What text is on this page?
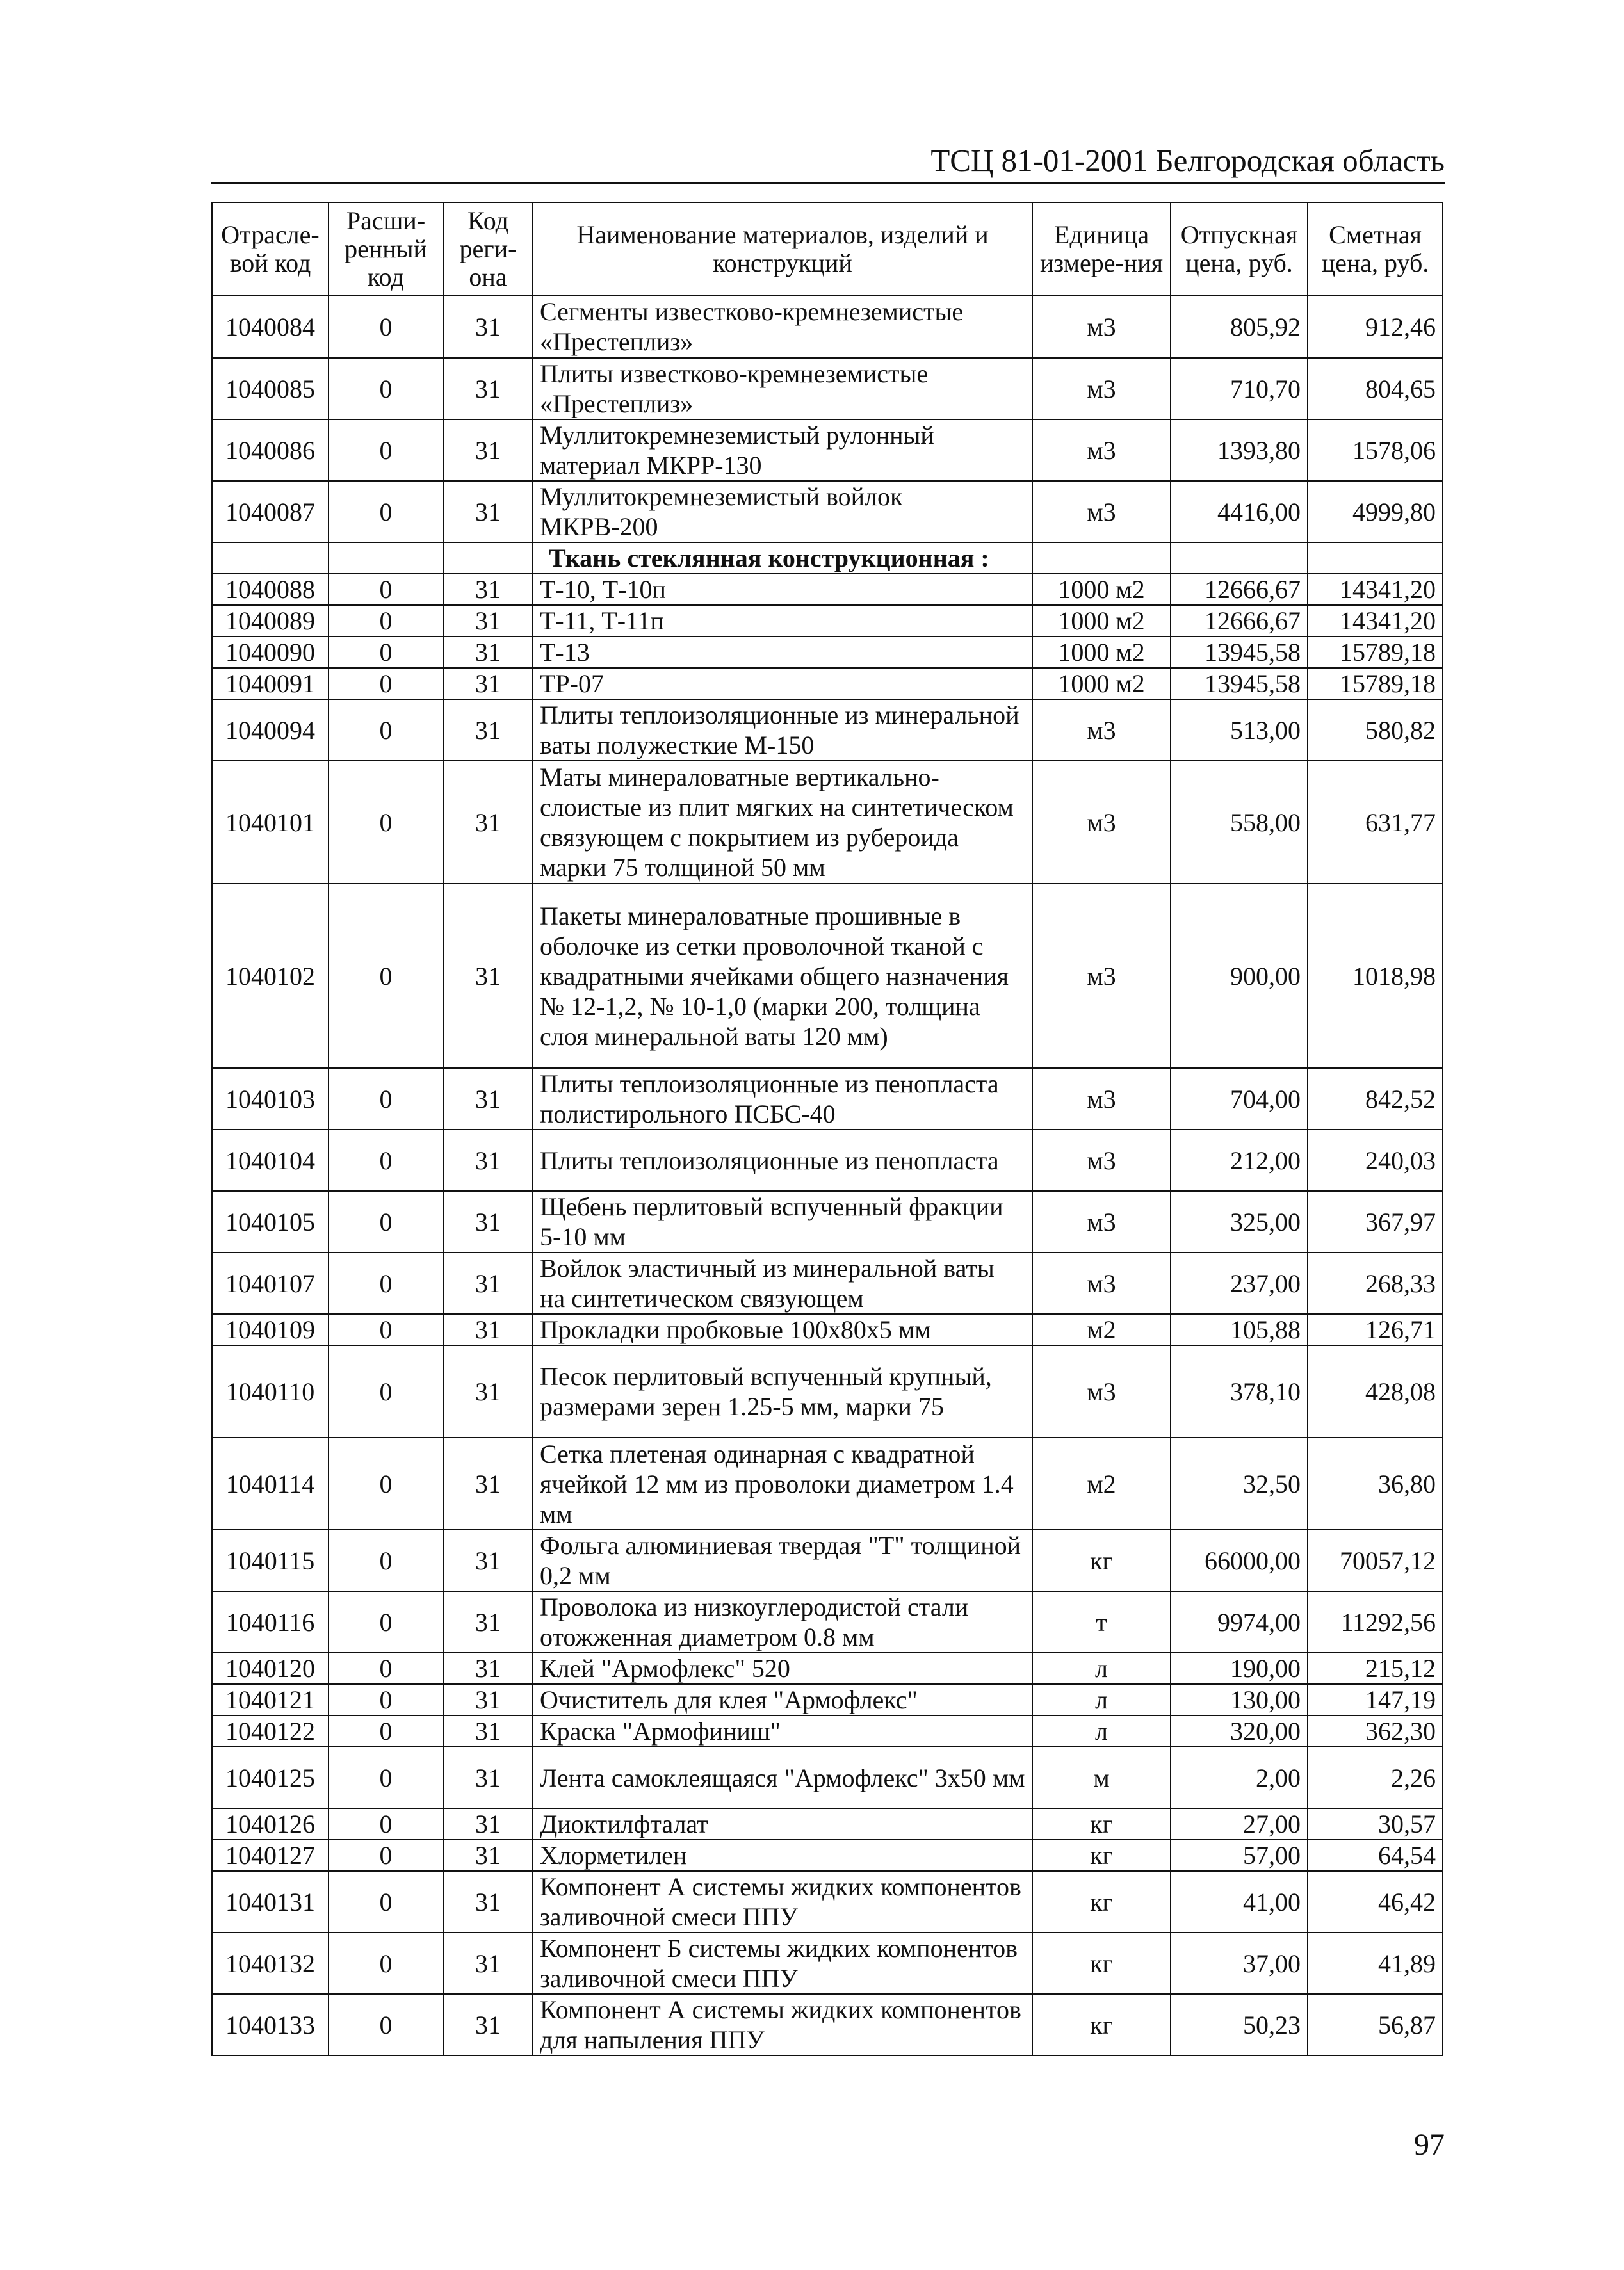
ТСЦ 81-01-2001 Белгородская область
Отрасле-вой код	Расши-ренный код	Код реги-она	Наименование материалов, изделий и конструкций	Единица измере-ния	Отпускная цена, руб.	Сметная цена, руб.
1040084	0	31	Сегменты известково-кремнеземистые «Престеплиз»	м3	805,92	912,46
1040085	0	31	Плиты известково-кремнеземистые «Престеплиз»	м3	710,70	804,65
1040086	0	31	Муллитокремнеземистый рулонный материал МКРР-130	м3	1393,80	1578,06
1040087	0	31	Муллитокремнеземистый войлок МКРВ-200	м3	4416,00	4999,80
			Ткань стеклянная конструкционная :			
1040088	0	31	Т-10, Т-10п	1000 м2	12666,67	14341,20
1040089	0	31	Т-11, Т-11п	1000 м2	12666,67	14341,20
1040090	0	31	Т-13	1000 м2	13945,58	15789,18
1040091	0	31	ТР-07	1000 м2	13945,58	15789,18
1040094	0	31	Плиты теплоизоляционные из минеральной ваты полужесткие М-150	м3	513,00	580,82
1040101	0	31	Маты минераловатные вертикально-слоистые из плит мягких на синтетическом связующем с покрытием из рубероида марки 75 толщиной 50 мм	м3	558,00	631,77
1040102	0	31	Пакеты минераловатные прошивные в оболочке из сетки проволочной тканой с квадратными ячейками общего назначения № 12-1,2, № 10-1,0 (марки 200, толщина слоя минеральной ваты 120 мм)	м3	900,00	1018,98
1040103	0	31	Плиты теплоизоляционные из пенопласта полистирольного ПСБС-40	м3	704,00	842,52
1040104	0	31	Плиты теплоизоляционные из пенопласта	м3	212,00	240,03
1040105	0	31	Щебень перлитовый вспученный фракции 5-10 мм	м3	325,00	367,97
1040107	0	31	Войлок эластичный из минеральной ваты на синтетическом связующем	м3	237,00	268,33
1040109	0	31	Прокладки пробковые 100х80х5 мм	м2	105,88	126,71
1040110	0	31	Песок перлитовый вспученный крупный, размерами зерен 1.25-5 мм, марки 75	м3	378,10	428,08
1040114	0	31	Сетка плетеная одинарная с квадратной ячейкой 12 мм из проволоки диаметром 1.4 мм	м2	32,50	36,80
1040115	0	31	Фольга алюминиевая твердая "Т" толщиной 0,2 мм	кг	66000,00	70057,12
1040116	0	31	Проволока из низкоуглеродистой стали отожженная диаметром 0.8 мм	т	9974,00	11292,56
1040120	0	31	Клей "Армофлекс" 520	л	190,00	215,12
1040121	0	31	Очиститель для клея "Армофлекс"	л	130,00	147,19
1040122	0	31	Краска "Армофиниш"	л	320,00	362,30
1040125	0	31	Лента самоклеящаяся "Армофлекс" 3х50 мм	м	2,00	2,26
1040126	0	31	Диоктилфталат	кг	27,00	30,57
1040127	0	31	Хлорметилен	кг	57,00	64,54
1040131	0	31	Компонент А системы жидких компонентов заливочной смеси ППУ	кг	41,00	46,42
1040132	0	31	Компонент Б системы жидких компонентов заливочной смеси ППУ	кг	37,00	41,89
1040133	0	31	Компонент А системы жидких компонентов для напыления ППУ	кг	50,23	56,87
97
